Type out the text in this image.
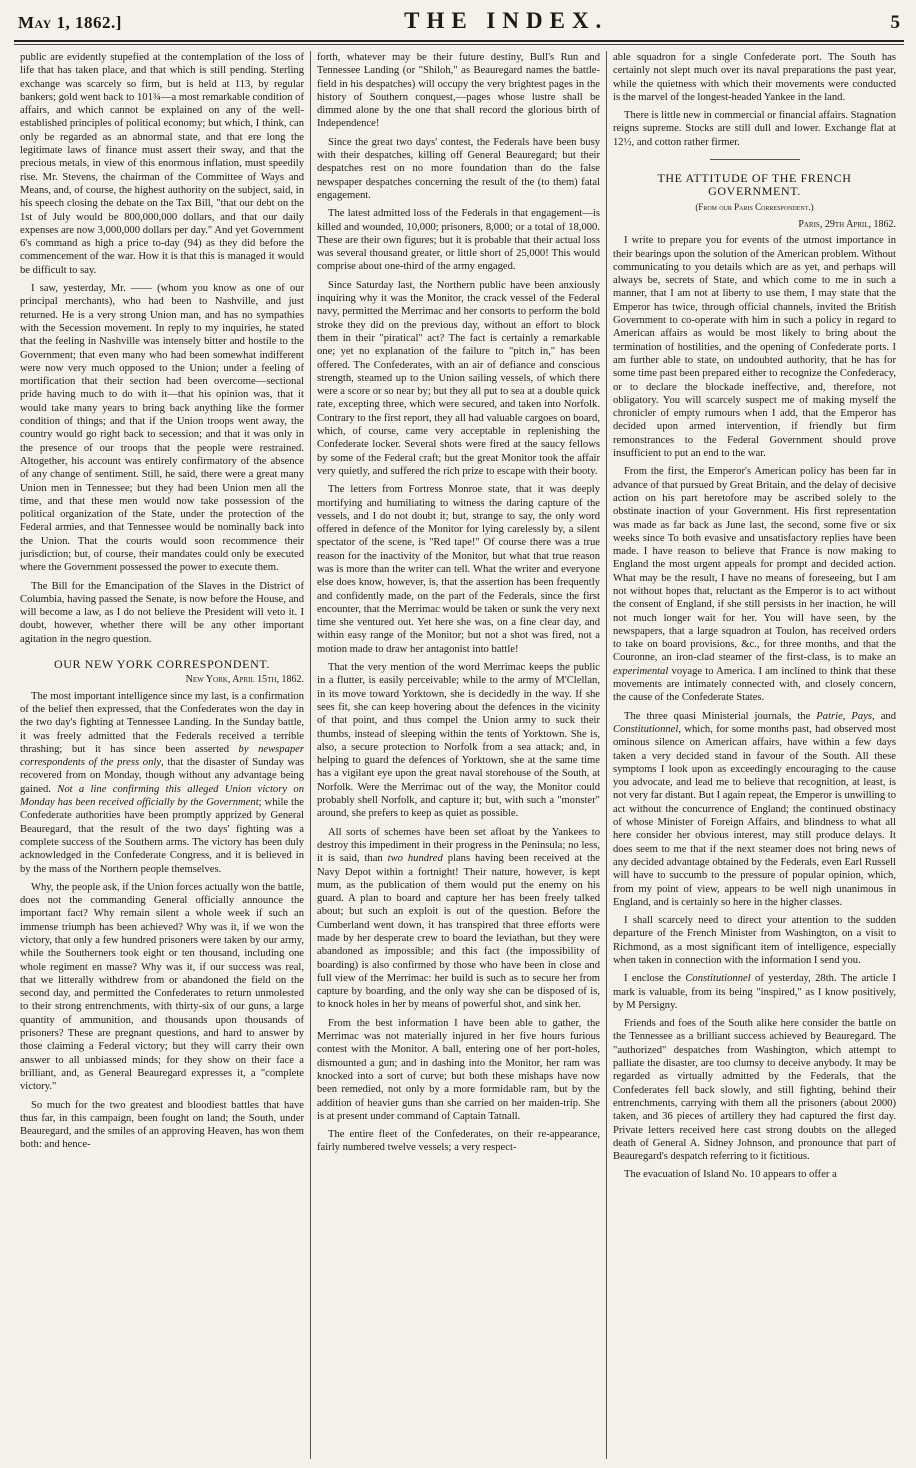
May 1, 1862.]	THE INDEX.	5

public are evidently stupefied at the contemplation of the loss of life that has taken place, and that which is still pending. Sterling exchange was scarcely so firm, but is held at 113, by regular bankers; gold went back to 101¾—a most remarkable condition of affairs, and which cannot be explained on any of the well-established principles of political economy; but which, I think, can only be regarded as an abnormal state, and that ere long the legitimate laws of finance must assert their sway, and that the precious metals, in view of this enormous inflation, must speedily rise. Mr. Stevens, the chairman of the Committee of Ways and Means, and, of course, the highest authority on the subject, said, in his speech closing the debate on the Tax Bill, "that our debt on the 1st of July would be 800,000,000 dollars, and that our daily expenses are now 3,000,000 dollars per day." And yet Government 6's command as high a price to-day (94) as they did before the commencement of the war. How it is that this is managed it would be difficult to say.

I saw, yesterday, Mr. —— (whom you know as one of our principal merchants), who had been to Nashville, and just returned. He is a very strong Union man, and has no sympathies with the Secession movement. In reply to my inquiries, he stated that the feeling in Nashville was intensely bitter and hostile to the Government; that even many who had been somewhat indifferent were now very much opposed to the Union; under a feeling of mortification that their section had been overcome—sectional pride having much to do with it—that his opinion was, that it would take many years to bring back anything like the former condition of things; and that if the Union troops went away, the country would go right back to secession; and that it was only in the presence of our troops that the people were restrained. Altogether, his account was entirely confirmatory of the absence of any change of sentiment. Still, he said, there were a great many Union men in Tennessee; but they had been Union men all the time, and that these men would now take possession of the political organization of the State, under the protection of the Federal armies, and that Tennessee would be nominally back into the Union. That the courts would soon recommence their jurisdiction; but, of course, their mandates could only be executed where the Government possessed the power to execute them.

The Bill for the Emancipation of the Slaves in the District of Columbia, having passed the Senate, is now before the House, and will become a law, as I do not believe the President will veto it. I doubt, however, whether there will be any other important agitation in the negro question.

OUR NEW YORK CORRESPONDENT.
New York, April 15th, 1862.

The most important intelligence since my last, is a confirmation of the belief then expressed, that the Confederates won the day in the two day's fighting at Tennessee Landing. In the Sunday battle, it was freely admitted that the Federals received a terrible thrashing; but it has since been asserted by newspaper correspondents of the press only, that the disaster of Sunday was recovered from on Monday, though without any advantage being gained. Not a line confirming this alleged Union victory on Monday has been received officially by the Government; while the Confederate authorities have been promptly apprized by General Beauregard, that the result of the two days' fighting was a complete success of the Southern arms. The victory has been duly acknowledged in the Confederate Congress, and it is believed in by the mass of the Northern people themselves.

Why, the people ask, if the Union forces actually won the battle, does not the commanding General officially announce the important fact? Why remain silent a whole week if such an immense triumph has been achieved? Why was it, if we won the victory, that only a few hundred prisoners were taken by our army, while the Southerners took eight or ten thousand, including one whole regiment en masse? Why was it, if our success was real, that we litterally withdrew from or abandoned the field on the second day, and permitted the Confederates to return unmolested to their strong entrenchments, with thirty-six of our guns, a large quantity of ammunition, and thousands upon thousands of prisoners? These are pregnant questions, and hard to answer by those claiming a Federal victory; but they will carry their own answer to all unbiassed minds; for they show on their face a brilliant, and, as General Beauregard expresses it, a "complete victory."

So much for the two greatest and bloodiest battles that have thus far, in this campaign, been fought on land; the South, under Beauregard, and the smiles of an approving Heaven, has won them both: and hence-

forth, whatever may be their future destiny, Bull's Run and Tennessee Landing (or "Shiloh," as Beauregard names the battle-field in his despatches) will occupy the very brightest pages in the history of Southern conquest,—pages whose lustre shall be dimmed alone by the one that shall record the glorious birth of Independence!

Since the great two days' contest, the Federals have been busy with their despatches, killing off General Beauregard; but their despatches rest on no more foundation than do the false newspaper despatches concerning the result of the (to them) fatal engagement.

The latest admitted loss of the Federals in that engagement—is killed and wounded, 10,000; prisoners, 8,000; or a total of 18,000. These are their own figures; but it is probable that their actual loss was several thousand greater, or little short of 25,000! This would comprise about one-third of the army engaged.

Since Saturday last, the Northern public have been anxiously inquiring why it was the Monitor, the crack vessel of the Federal navy, permitted the Merrimac and her consorts to perform the bold stroke they did on the previous day, without an effort to block them in their "piratical" act? The fact is certainly a remarkable one; yet no explanation of the failure to "pitch in," has been offered. The Confederates, with an air of defiance and conscious strength, steamed up to the Union sailing vessels, of which there were a score or so near by; but they all put to sea at a double quick rate, excepting three, which were secured, and taken into Norfolk. Contrary to the first report, they all had valuable cargoes on board, which, of course, came very acceptable in replenishing the Confederate locker. Several shots were fired at the saucy fellows by some of the Federal craft; but the great Monitor took the affair very quietly, and suffered the rich prize to escape with their booty.

The letters from Fortress Monroe state, that it was deeply mortifying and humiliating to witness the daring capture of the vessels, and I do not doubt it; but, strange to say, the only word offered in defence of the Monitor for lying carelessly by, a silent spectator of the scene, is "Red tape!" Of course there was a true reason for the inactivity of the Monitor, but what that true reason was is more than the writer can tell. What the writer and everyone else does know, however, is, that the assertion has been frequently and confidently made, on the part of the Federals, since the first encounter, that the Merrimac would be taken or sunk the very next time she ventured out. Yet here she was, on a fine clear day, and within easy range of the Monitor; but not a shot was fired, not a motion made to draw her antagonist into battle!

That the very mention of the word Merrimac keeps the public in a flutter, is easily perceivable; while to the army of M'Clellan, in its move toward Yorktown, she is decidedly in the way. If she sees fit, she can keep hovering about the defences in the vicinity of that point, and thus compel the Union army to suck their thumbs, instead of sleeping within the tents of Yorktown. She is, also, a secure protection to Norfolk from a sea attack; and, in helping to guard the defences of Yorktown, she at the same time has a vigilant eye upon the great naval storehouse of the South, at Norfolk. Were the Merrimac out of the way, the Monitor could probably shell Norfolk, and capture it; but, with such a "monster" around, she prefers to keep as quiet as possible.

All sorts of schemes have been set afloat by the Yankees to destroy this impediment in their progress in the Peninsula; no less, it is said, than two hundred plans having been received at the Navy Depot within a fortnight! Their nature, however, is kept mum, as the publication of them would put the enemy on his guard. A plan to board and capture her has been freely talked about; but such an exploit is out of the question. Before the Cumberland went down, it has transpired that three efforts were made by her desperate crew to board the leviathan, but they were abandoned as impossible; and this fact (the impossibility of boarding) is also confirmed by those who have been in close and full view of the Merrimac: her build is such as to secure her from capture by boarding, and the only way she can be disposed of is, to knock holes in her by means of powerful shot, and sink her.

From the best information I have been able to gather, the Merrimac was not materially injured in her five hours furious contest with the Monitor. A ball, entering one of her port-holes, dismounted a gun; and in dashing into the Monitor, her ram was knocked into a sort of curve; but both these mishaps have now been remedied, not only by a more formidable ram, but by the addition of heavier guns than she carried on her maiden-trip. She is at present under command of Captain Tatnall.

The entire fleet of the Confederates, on their re-appearance, fairly numbered twelve vessels; a very respect-

able squadron for a single Confederate port. The South has certainly not slept much over its naval preparations the past year, while the quietness with which their movements were conducted is the marvel of the longest-headed Yankee in the land.

There is little new in commercial or financial affairs. Stagnation reigns supreme. Stocks are still dull and lower. Exchange flat at 12½, and cotton rather firmer.

THE ATTITUDE OF THE FRENCH GOVERNMENT.
(From our Paris Correspondent.)
Paris, 29th April, 1862.

I write to prepare you for events of the utmost importance in their bearings upon the solution of the American problem. Without communicating to you details which are as yet, and perhaps will always be, secrets of State, and which come to me in such a manner, that I am not at liberty to use them, I may state that the Emperor has twice, through official channels, invited the British Government to co-operate with him in such a policy in regard to American affairs as would be most likely to bring about the termination of hostilities, and the opening of Confederate ports. I am further able to state, on undoubted authority, that he has for some time past been prepared either to recognize the Confederacy, or to declare the blockade ineffective, and, therefore, not obligatory. You will scarcely suspect me of making myself the chronicler of empty rumours when I add, that the Emperor has decided upon armed intervention, if friendly but firm remonstrances to the Federal Government should prove insufficient to put an end to the war.

From the first, the Emperor's American policy has been far in advance of that pursued by Great Britain, and the delay of decisive action on his part heretofore may be ascribed solely to the obstinate inaction of your Government. His first representation was made as far back as June last, the second, some five or six weeks since To both evasive and unsatisfactory replies have been made. I have reason to believe that France is now making to England the most urgent appeals for prompt and decided action. What may be the result, I have no means of foreseeing, but I am not without hopes that, reluctant as the Emperor is to act without the consent of England, if she still persists in her inaction, he will not much longer wait for her. You will have seen, by the newspapers, that a large squadron at Toulon, has received orders to take on board provisions, &c., for three months, and that the Couronne, an iron-clad steamer of the first-class, is to make an experimental voyage to America. I am inclined to think that these movements are intimately connected with, and closely concern, the cause of the Confederate States.

The three quasi Ministerial journals, the Patrie, Pays, and Constitutionnel, which, for some months past, had observed most ominous silence on American affairs, have within a few days taken a very decided stand in favour of the South. All these symptoms I look upon as exceedingly encouraging to the cause you advocate, and lead me to believe that recognition, at least, is not very far distant. But I again repeat, the Emperor is unwilling to act without the concurrence of England; the continued obstinacy of whose Minister of Foreign Affairs, and blindness to what all here consider her obvious interest, may still produce delays. It does seem to me that if the next steamer does not bring news of any decided advantage obtained by the Federals, even Earl Russell will have to succumb to the pressure of popular opinion, which, from my point of view, appears to be well nigh unanimous in England, and is certainly so here in the higher classes.

I shall scarcely need to direct your attention to the sudden departure of the French Minister from Washington, on a visit to Richmond, as a most significant item of intelligence, especially when taken in connection with the information I send you.

I enclose the Constitutionnel of yesterday, 28th. The article I mark is valuable, from its being "inspired," as I know positively, by M Persigny.

Friends and foes of the South alike here consider the battle on the Tennessee as a brilliant success achieved by Beauregard. The "authorized" despatches from Washington, which attempt to palliate the disaster, are too clumsy to deceive anybody. It may be regarded as virtually admitted by the Federals, that the Confederates fell back slowly, and still fighting, behind their entrenchments, carrying with them all the prisoners (about 2000) taken, and 36 pieces of artillery they had captured the first day. Private letters received here cast strong doubts on the alleged death of General A. Sidney Johnson, and pronounce that part of Beauregard's despatch referring to it fictitious.

The evacuation of Island No. 10 appears to offer a
